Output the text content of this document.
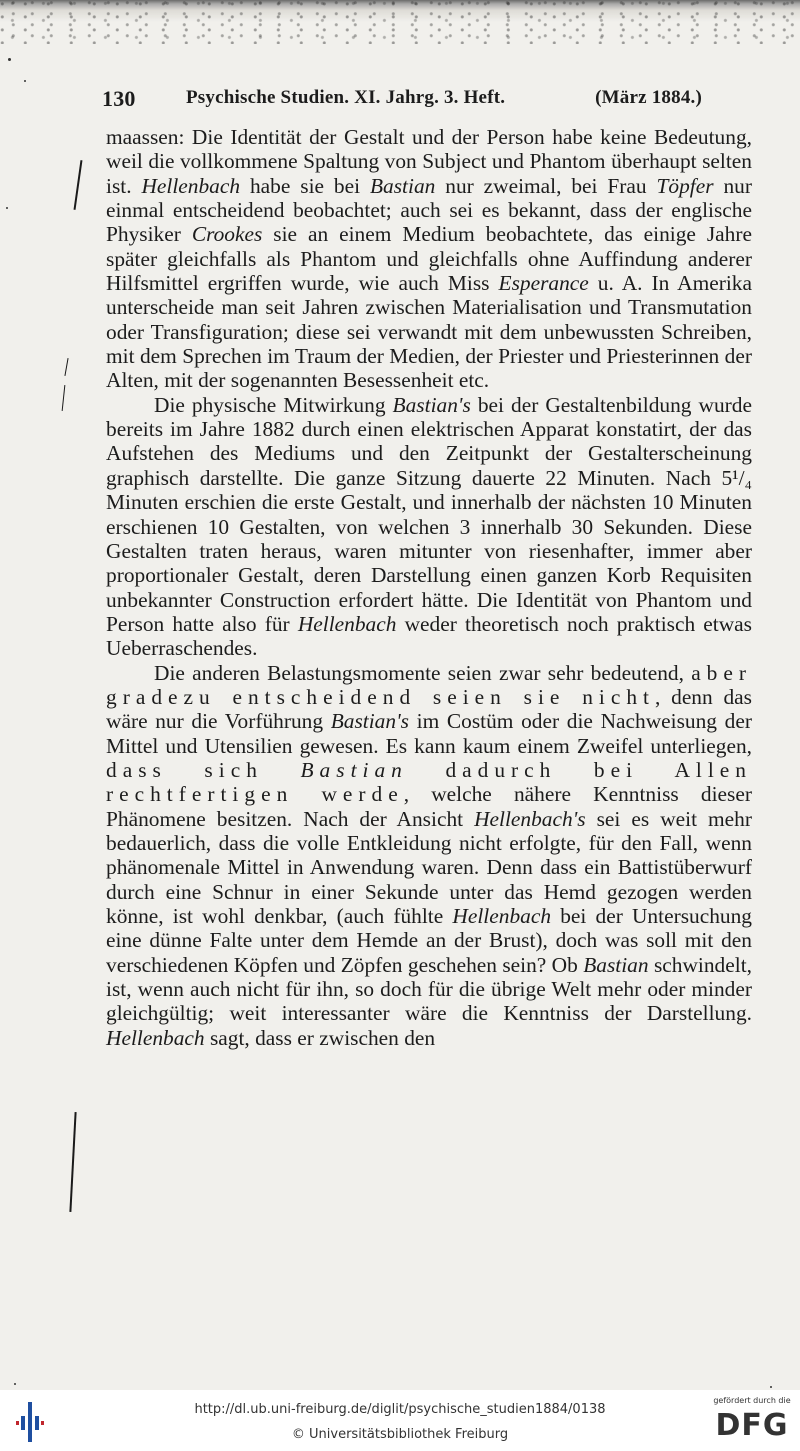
130	Psychische Studien. XI. Jahrg. 3. Heft.	(März 1884.)

maassen: Die Identität der Gestalt und der Person habe keine Bedeutung, weil die vollkommene Spaltung von Subject und Phantom überhaupt selten ist. Hellenbach habe sie bei Bastian nur zweimal, bei Frau Töpfer nur einmal entscheidend beobachtet; auch sei es bekannt, dass der englische Physiker Crookes sie an einem Medium beobachtete, das einige Jahre später gleichfalls als Phantom und gleichfalls ohne Auffindung anderer Hilfsmittel ergriffen wurde, wie auch Miss Esperance u. A. In Amerika unterscheide man seit Jahren zwischen Materialisation und Transmutation oder Transfiguration; diese sei verwandt mit dem unbewussten Schreiben, mit dem Sprechen im Traum der Medien, der Priester und Priesterinnen der Alten, mit der sogenannten Besessenheit etc.

Die physische Mitwirkung Bastian's bei der Gestaltenbildung wurde bereits im Jahre 1882 durch einen elektrischen Apparat konstatirt, der das Aufstehen des Mediums und den Zeitpunkt der Gestalterscheinung graphisch darstellte. Die ganze Sitzung dauerte 22 Minuten. Nach 5¹/₄ Minuten erschien die erste Gestalt, und innerhalb der nächsten 10 Minuten erschienen 10 Gestalten, von welchen 3 innerhalb 30 Sekunden. Diese Gestalten traten heraus, waren mitunter von riesenhafter, immer aber proportionaler Gestalt, deren Darstellung einen ganzen Korb Requisiten unbekannter Construction erfordert hätte. Die Identität von Phantom und Person hatte also für Hellenbach weder theoretisch noch praktisch etwas Ueberraschendes.

Die anderen Belastungsmomente seien zwar sehr bedeutend, aber gradezu entscheidend seien sie nicht, denn das wäre nur die Vorführung Bastian's im Costüm oder die Nachweisung der Mittel und Utensilien gewesen. Es kann kaum einem Zweifel unterliegen, dass sich Bastian dadurch bei Allen rechtfertigen werde, welche nähere Kenntniss dieser Phänomene besitzen. Nach der Ansicht Hellenbach's sei es weit mehr bedauerlich, dass die volle Entkleidung nicht erfolgte, für den Fall, wenn phänomenale Mittel in Anwendung waren. Denn dass ein Battistüberwurf durch eine Schnur in einer Sekunde unter das Hemd gezogen werden könne, ist wohl denkbar, (auch fühlte Hellenbach bei der Untersuchung eine dünne Falte unter dem Hemde an der Brust), doch was soll mit den verschiedenen Köpfen und Zöpfen geschehen sein? Ob Bastian schwindelt, ist, wenn auch nicht für ihn, so doch für die übrige Welt mehr oder minder gleichgültig; weit interessanter wäre die Kenntniss der Darstellung. Hellenbach sagt, dass er zwischen den

http://dl.ub.uni-freiburg.de/diglit/psychische_studien1884/0138
© Universitätsbibliothek Freiburg
gefördert durch die
DFG
